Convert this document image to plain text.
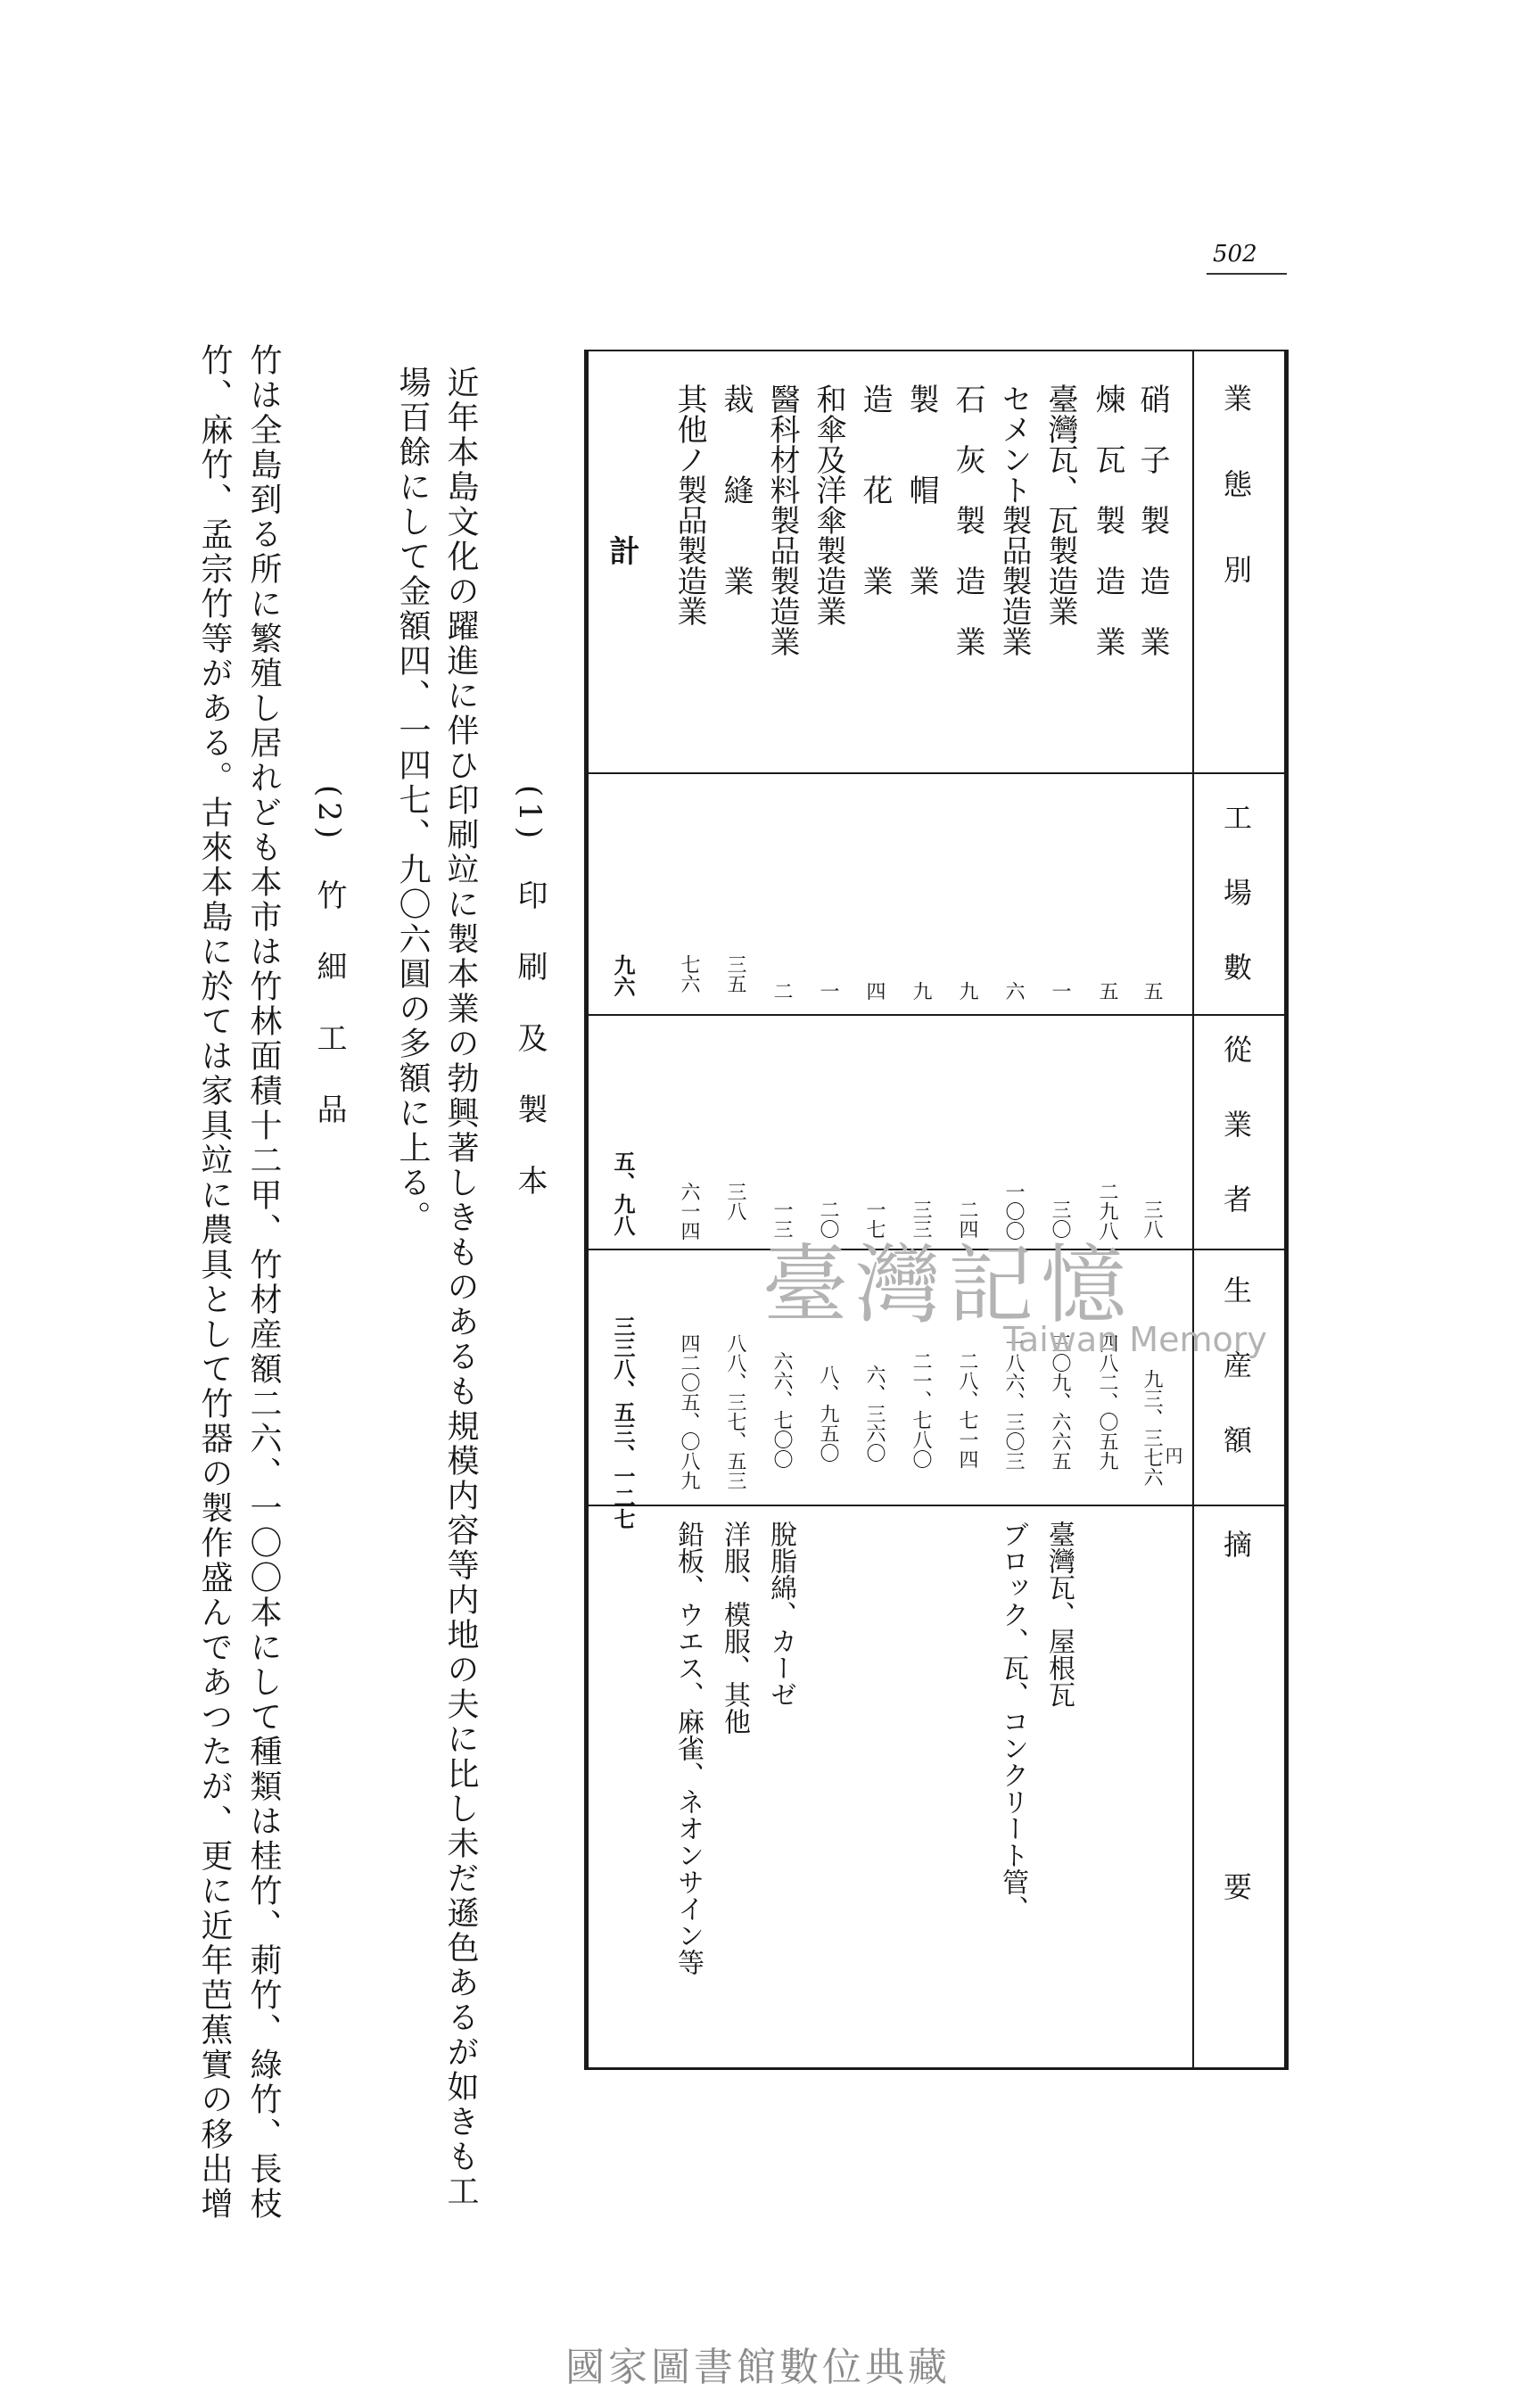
502
業　　態　　別
工　場　數
從　業　者
生　産　額
摘　　　　　　　　　　　要
円
硝　子　製　造　業
五
三八
九三、三七六
煉　瓦　製　造　業
五
二九八
四八二、〇五九
臺灣瓦、瓦製造業
一
三〇
三〇九、六六五
臺灣瓦、屋根瓦
セメント製品製造業
六
一〇〇
一八六、三〇三
ブロック、瓦、コンクリート管、
石　灰　製　造　業
九
二四
二八、七一四
製　　帽　　業
九
三三
二一、七八〇
造　　花　　業
四
一七
六、三六〇
和傘及洋傘製造業
一
二〇
八、九五〇
醫科材料製品製造業
二
一三
六六、七〇〇
脫脂綿、カーゼ
裁　　縫　　業
三五
三八
八八、三七、五三
洋服、模服、其他
其他ノ製品製造業
七六
六一四
四二〇五、〇八九
鉛板、ウエス、麻雀、ネオンサイン等
計
九六
五、九八
三三八、五三、一二七
(1)　印　刷　及　製　本
近年本島文化の躍進に伴ひ印刷竝に製本業の勃興著しきものあるも規模内容等内地の夫に比し未だ遜色あるが如きも工
場百餘にして金額四、一四七、九〇六圓の多額に上る。
(2)　竹　細　工　品
竹は全島到る所に繁殖し居れども本市は竹林面積十二甲、竹材産額二六、一〇〇本にして種類は桂竹、莿竹、綠竹、長枝
竹、麻竹、孟宗竹等がある。古來本島に於ては家具竝に農具として竹器の製作盛んであつたが、更に近年芭蕉實の移出增	臺灣記憶
Taiwan Memory
國家圖書館數位典藏
